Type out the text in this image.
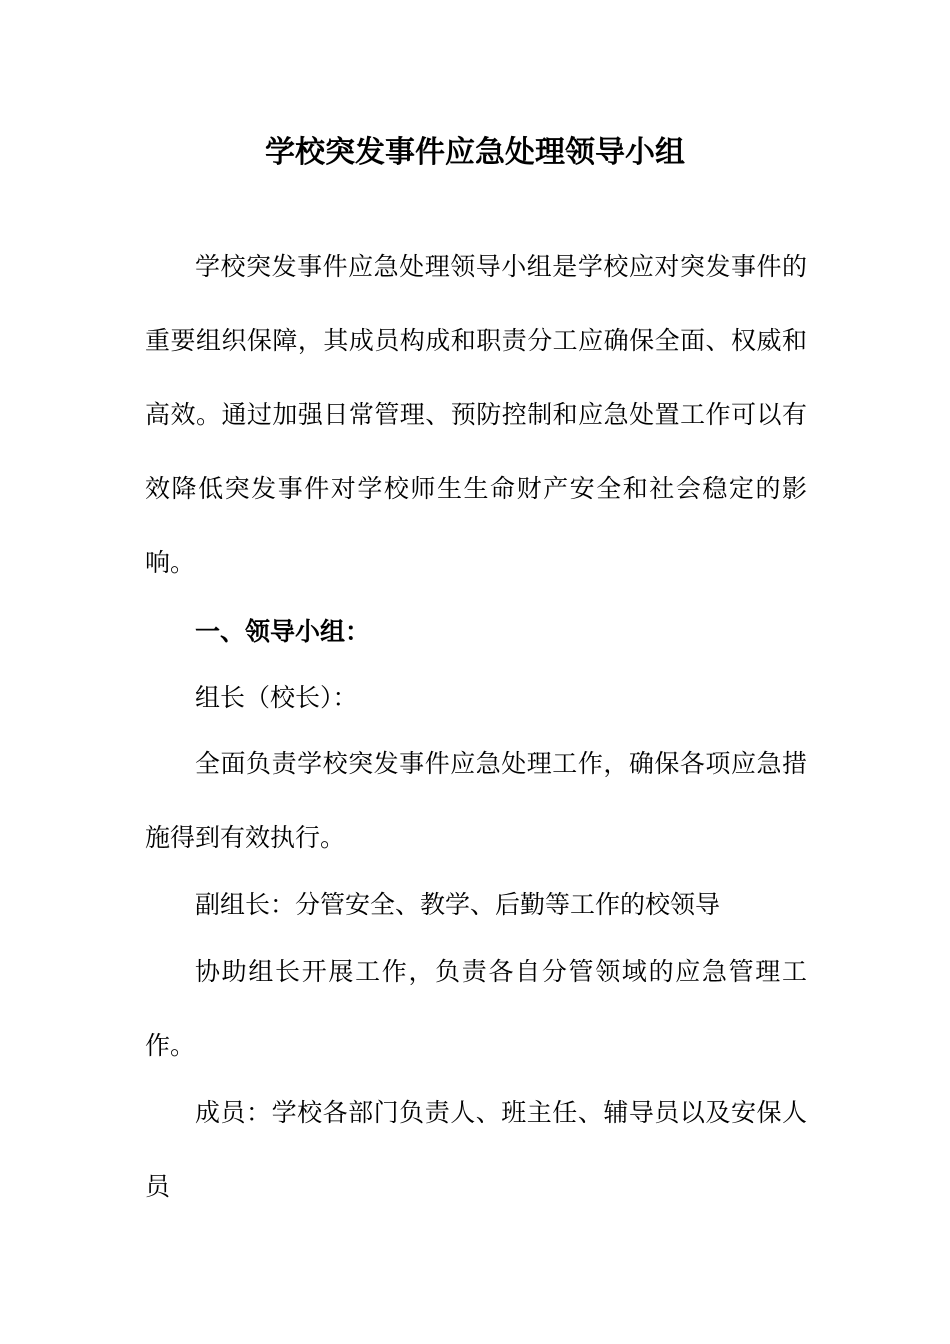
学校突发事件应急处理领导小组

学校突发事件应急处理领导小组是学校应对突发事件的重要组织保障，其成员构成和职责分工应确保全面、权威和高效。通过加强日常管理、预防控制和应急处置工作可以有效降低突发事件对学校师生生命财产安全和社会稳定的影响。

一、领导小组：

组长（校长）：

全面负责学校突发事件应急处理工作，确保各项应急措施得到有效执行。

副组长：分管安全、教学、后勤等工作的校领导

协助组长开展工作，负责各自分管领域的应急管理工作。

成员：学校各部门负责人、班主任、辅导员以及安保人员
